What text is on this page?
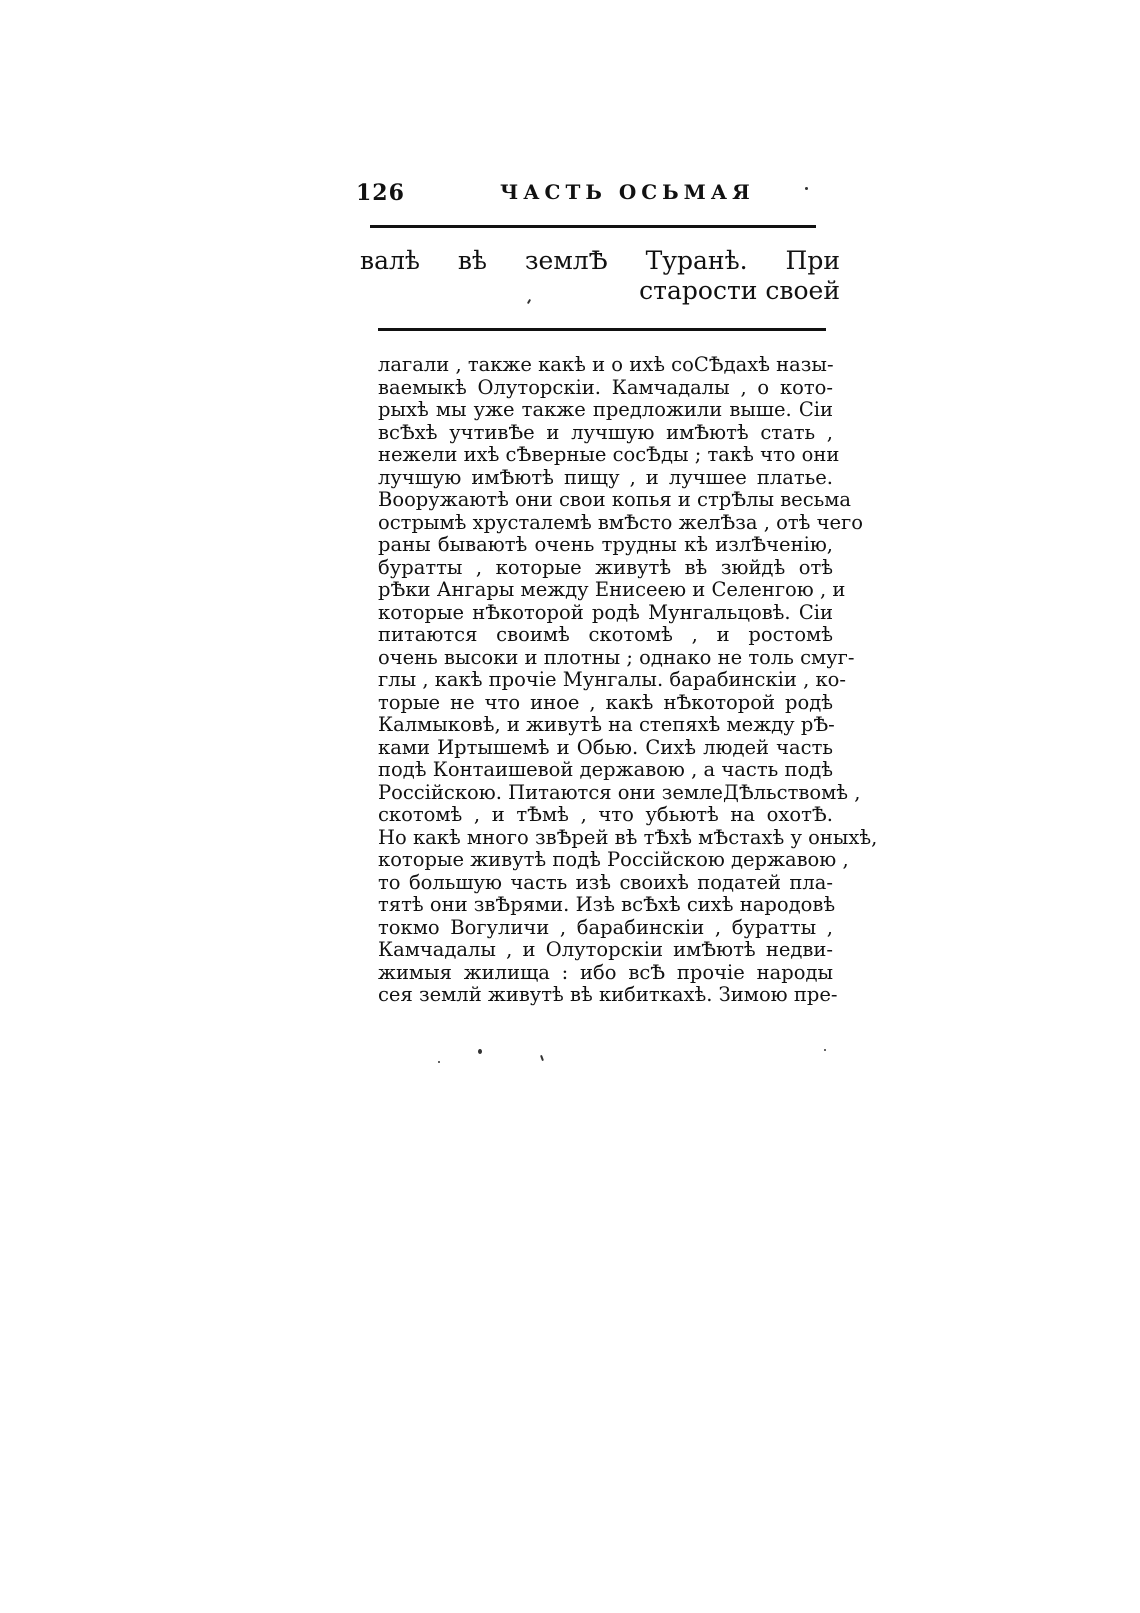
126	ЧАСТЬ ОСЬМАЯ
валѣ вѣ землѢ Туранѣ. При старости своей
лагали , также какѣ и о ихѣ соСѢдахѣ назы-
ваемыкѣ Олуторскіи. Камчадалы , о кото-
рыхѣ мы уже также предложили выше. Сіи
всѢхѣ учтивѢе и лучшую имѢютѣ стать ,
нежели ихѣ сѢверные сосѢды ; такѣ что они
лучшую имѢютѣ пищу , и лучшее платье.
Вооружаютѣ они свои копья и стрѢлы весьма
острымѣ хрусталемѣ вмѢсто желѢза , отѣ чего
раны бываютѣ очень трудны кѣ излѢченію,
буратты , которые живутѣ вѣ зюйдѣ отѣ
рѢки Ангары между Енисеею и Селенгою , и
которые нѢкоторой родѣ Мунгальцовѣ. Сіи
питаются своимѣ скотомѣ , и ростомѣ
очень высоки и плотны ; однако не толь смуг-
глы , какѣ прочіе Мунгалы. барабинскіи , ко-
торые не что иное , какѣ нѢкоторой родѣ
Калмыковѣ, и живутѣ на степяхѣ между рѢ-
ками Иртышемѣ и Обью. Сихѣ людей часть
подѣ Контаишевой державою , а часть подѣ
Россійскою. Питаются они землеДѢльствомѣ ,
скотомѣ , и тѢмѣ , что убьютѣ на охотѢ.
Но какѣ много звѢрей вѣ тѢхѣ мѢстахѣ у оныхѣ,
которые живутѣ подѣ Россійскою державою ,
то большую часть изѣ своихѣ податей пла-
тятѣ они звѢрями. Изѣ всѢхѣ сихѣ народовѣ
токмо Вогуличи , барабинскіи , буратты ,
Камчадалы , и Олуторскіи имѢютѣ недви-
жимыя жилища : ибо всѢ прочіе народы
сея землй живутѣ вѣ кибиткахѣ. Зимою пре-
